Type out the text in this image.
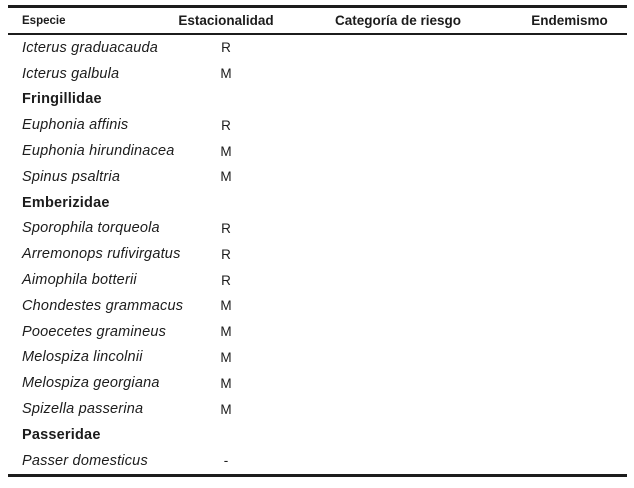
Especie	Estacionalidad	Categoría de riesgo	Endemismo
Icterus graduacauda	R
Icterus galbula	M
Fringillidae
Euphonia affinis	R
Euphonia hirundinacea	M
Spinus psaltria	M
Emberizidae
Sporophila torqueola	R
Arremonops rufivirgatus	R
Aimophila botterii	R
Chondestes grammacus	M
Pooecetes gramineus	M
Melospiza lincolnii	M
Melospiza georgiana	M
Spizella passerina	M
Passeridae
Passer domesticus	-
